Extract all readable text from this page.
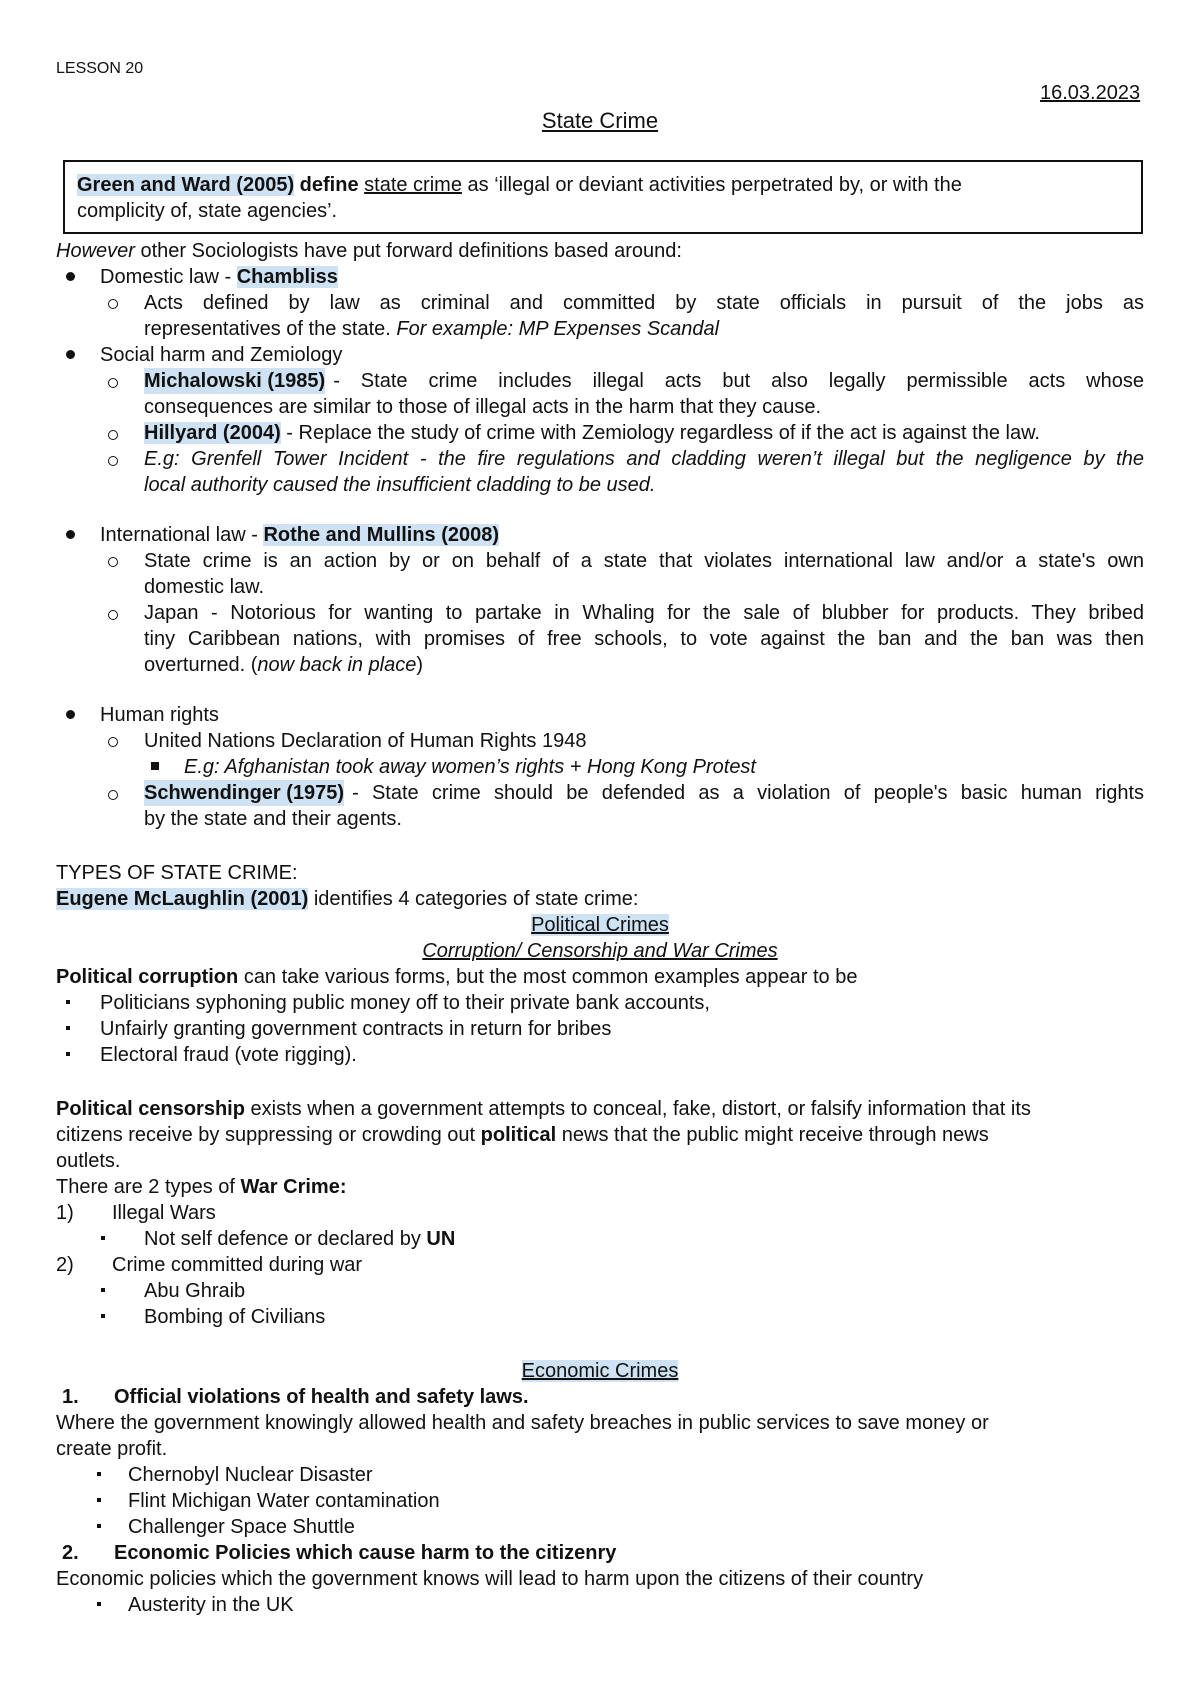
LESSON 20
16.03.2023
State Crime
Green and Ward (2005) define state crime as ‘illegal or deviant activities perpetrated by, or with the
complicity of, state agencies’.
However other Sociologists have put forward definitions based around:
Domestic law - Chambliss
Acts defined by law as criminal and committed by state officials in pursuit of the jobs as
representatives of the state. For example: MP Expenses Scandal
Social harm and Zemiology
Michalowski (1985) - State crime includes illegal acts but also legally permissible acts whose
consequences are similar to those of illegal acts in the harm that they cause.
Hillyard (2004) - Replace the study of crime with Zemiology regardless of if the act is against the law.
E.g: Grenfell Tower Incident - the fire regulations and cladding weren’t illegal but the negligence by the
local authority caused the insufficient cladding to be used.
International law - Rothe and Mullins (2008)
State crime is an action by or on behalf of a state that violates international law and/or a state's own
domestic law.
Japan - Notorious for wanting to partake in Whaling for the sale of blubber for products. They bribed
tiny Caribbean nations, with promises of free schools, to vote against the ban and the ban was then
overturned. (now back in place)
Human rights
United Nations Declaration of Human Rights 1948
E.g: Afghanistan took away women’s rights + Hong Kong Protest
Schwendinger (1975) - State crime should be defended as a violation of people's basic human rights
by the state and their agents.
TYPES OF STATE CRIME:
Eugene McLaughlin (2001) identifies 4 categories of state crime:
Political Crimes
Corruption/ Censorship and War Crimes
Political corruption can take various forms, but the most common examples appear to be
Politicians syphoning public money off to their private bank accounts,
Unfairly granting government contracts in return for bribes
Electoral fraud (vote rigging).
Political censorship exists when a government attempts to conceal, fake, distort, or falsify information that its
citizens receive by suppressing or crowding out political news that the public might receive through news
outlets.
There are 2 types of War Crime:
1) Illegal Wars
Not self defence or declared by UN
2) Crime committed during war
Abu Ghraib
Bombing of Civilians
Economic Crimes
1. Official violations of health and safety laws.
Where the government knowingly allowed health and safety breaches in public services to save money or
create profit.
Chernobyl Nuclear Disaster
Flint Michigan Water contamination
Challenger Space Shuttle
2. Economic Policies which cause harm to the citizenry
Economic policies which the government knows will lead to harm upon the citizens of their country
Austerity in the UK
